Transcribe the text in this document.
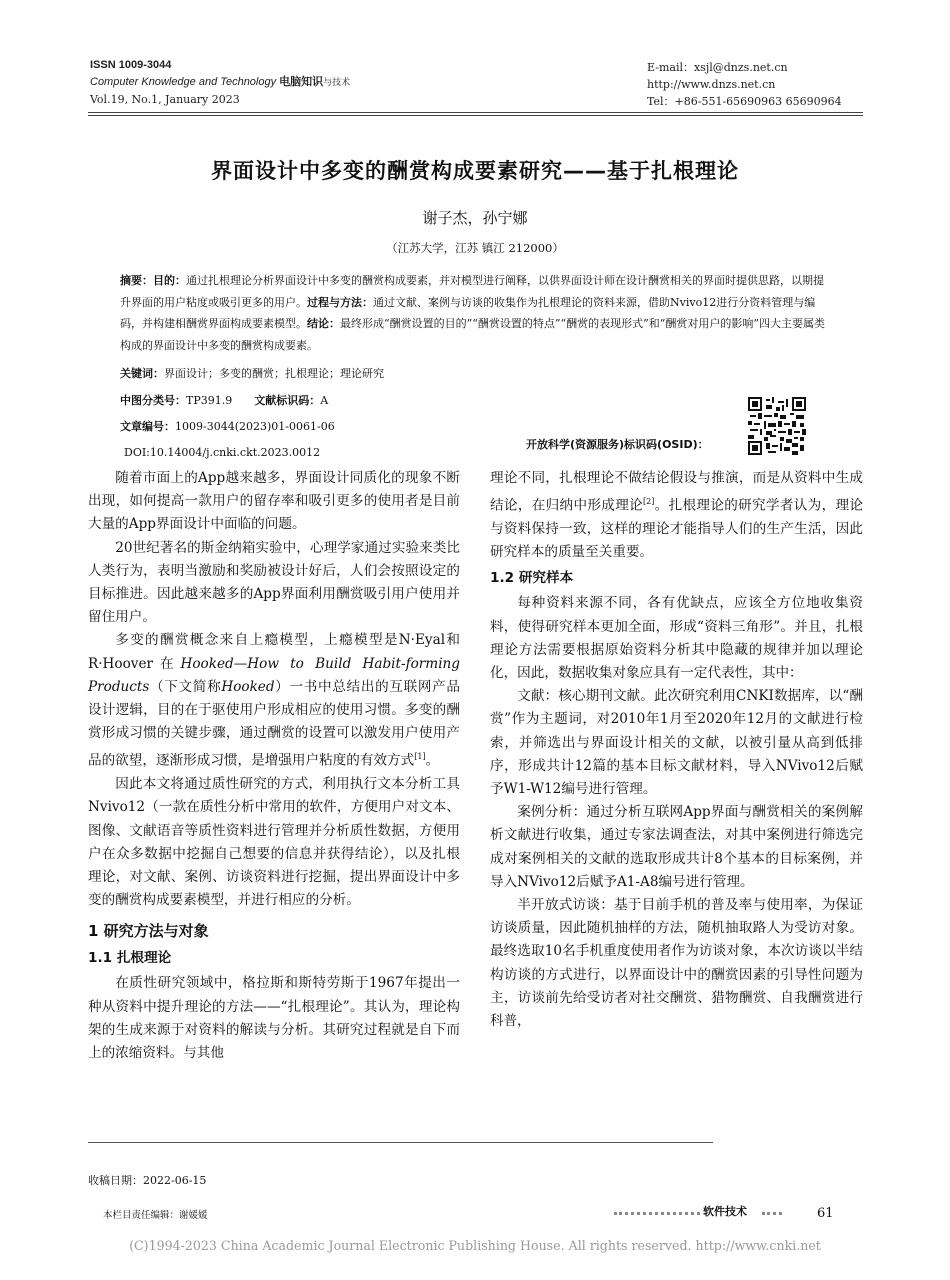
ISSN 1009-3044
Computer Knowledge and Technology 电脑知识与技术
Vol.19, No.1, January 2023
E-mail：xsjl@dnzs.net.cn
http://www.dnzs.net.cn
Tel：+86-551-65690963 65690964
界面设计中多变的酬赏构成要素研究——基于扎根理论
谢子杰，孙宁娜
（江苏大学，江苏 镇江 212000）
摘要：目的：通过扎根理论分析界面设计中多变的酬赏构成要素，并对模型进行阐释，以供界面设计师在设计酬赏相关的界面时提供思路，以期提升界面的用户粘度或吸引更多的用户。过程与方法：通过文献、案例与访谈的收集作为扎根理论的资料来源，借助Nvivo12进行分资料管理与编码，并构建相酬赏界面构成要素模型。结论：最终形成“酬赏设置的目的”“酬赏设置的特点”“酬赏的表现形式”和“酬赏对用户的影响”四大主要属类构成的界面设计中多变的酬赏构成要素。
关键词：界面设计；多变的酬赏；扎根理论；理论研究
中图分类号：TP391.9 文献标识码：A
文章编号：1009-3044(2023)01-0061-06
DOI:10.14004/j.cnki.ckt.2023.0012
开放科学(资源服务)标识码(OSID)：

随着市面上的App越来越多，界面设计同质化的现象不断出现，如何提高一款用户的留存率和吸引更多的使用者是目前大量的App界面设计中面临的问题。

20世纪著名的斯金纳箱实验中，心理学家通过实验来类比人类行为，表明当激励和奖励被设计好后，人们会按照设定的目标推进。因此越来越多的App界面利用酬赏吸引用户使用并留住用户。

多变的酬赏概念来自上瘾模型，上瘾模型是N·Eyal和R·Hoover在Hooked—How to Build Habit-forming Products（下文简称Hooked）一书中总结出的互联网产品设计逻辑，目的在于驱使用户形成相应的使用习惯。多变的酬赏形成习惯的关键步骤，通过酬赏的设置可以激发用户使用产品的欲望，逐渐形成习惯，是增强用户粘度的有效方式[1]。

因此本文将通过质性研究的方式，利用执行文本分析工具Nvivo12（一款在质性分析中常用的软件，方便用户对文本、图像、文献语音等质性资料进行管理并分析质性数据，方便用户在众多数据中挖掘自己想要的信息并获得结论），以及扎根理论，对文献、案例、访谈资料进行挖掘，提出界面设计中多变的酬赏构成要素模型，并进行相应的分析。

1 研究方法与对象
1.1 扎根理论

在质性研究领域中，格拉斯和斯特劳斯于1967年提出一种从资料中提升理论的方法——“扎根理论”。其认为，理论构架的生成来源于对资料的解读与分析。其研究过程就是自下而上的浓缩资料。与其他

理论不同，扎根理论不做结论假设与推演，而是从资料中生成结论，在归纳中形成理论[2]。扎根理论的研究学者认为，理论与资料保持一致，这样的理论才能指导人们的生产生活，因此研究样本的质量至关重要。

1.2 研究样本

每种资料来源不同，各有优缺点，应该全方位地收集资料，使得研究样本更加全面，形成“资料三角形”。并且，扎根理论方法需要根据原始资料分析其中隐藏的规律并加以理论化，因此，数据收集对象应具有一定代表性，其中：

文献：核心期刊文献。此次研究利用CNKI数据库，以“酬赏”作为主题词，对2010年1月至2020年12月的文献进行检索，并筛选出与界面设计相关的文献，以被引量从高到低排序，形成共计12篇的基本目标文献材料，导入NVivo12后赋予W1-W12编号进行管理。

案例分析：通过分析互联网App界面与酬赏相关的案例解析文献进行收集，通过专家法调查法，对其中案例进行筛选完成对案例相关的文献的选取形成共计8个基本的目标案例，并导入NVivo12后赋予A1-A8编号进行管理。

半开放式访谈：基于目前手机的普及率与使用率，为保证访谈质量，因此随机抽样的方法，随机抽取路人为受访对象。最终选取10名手机重度使用者作为访谈对象，本次访谈以半结构访谈的方式进行，以界面设计中的酬赏因素的引导性问题为主，访谈前先给受访者对社交酬赏、猎物酬赏、自我酬赏进行科普，

收稿日期：2022-06-15
本栏目责任编辑：谢媛媛	软件技术	61
(C)1994-2023 China Academic Journal Electronic Publishing House. All rights reserved. http://www.cnki.net
